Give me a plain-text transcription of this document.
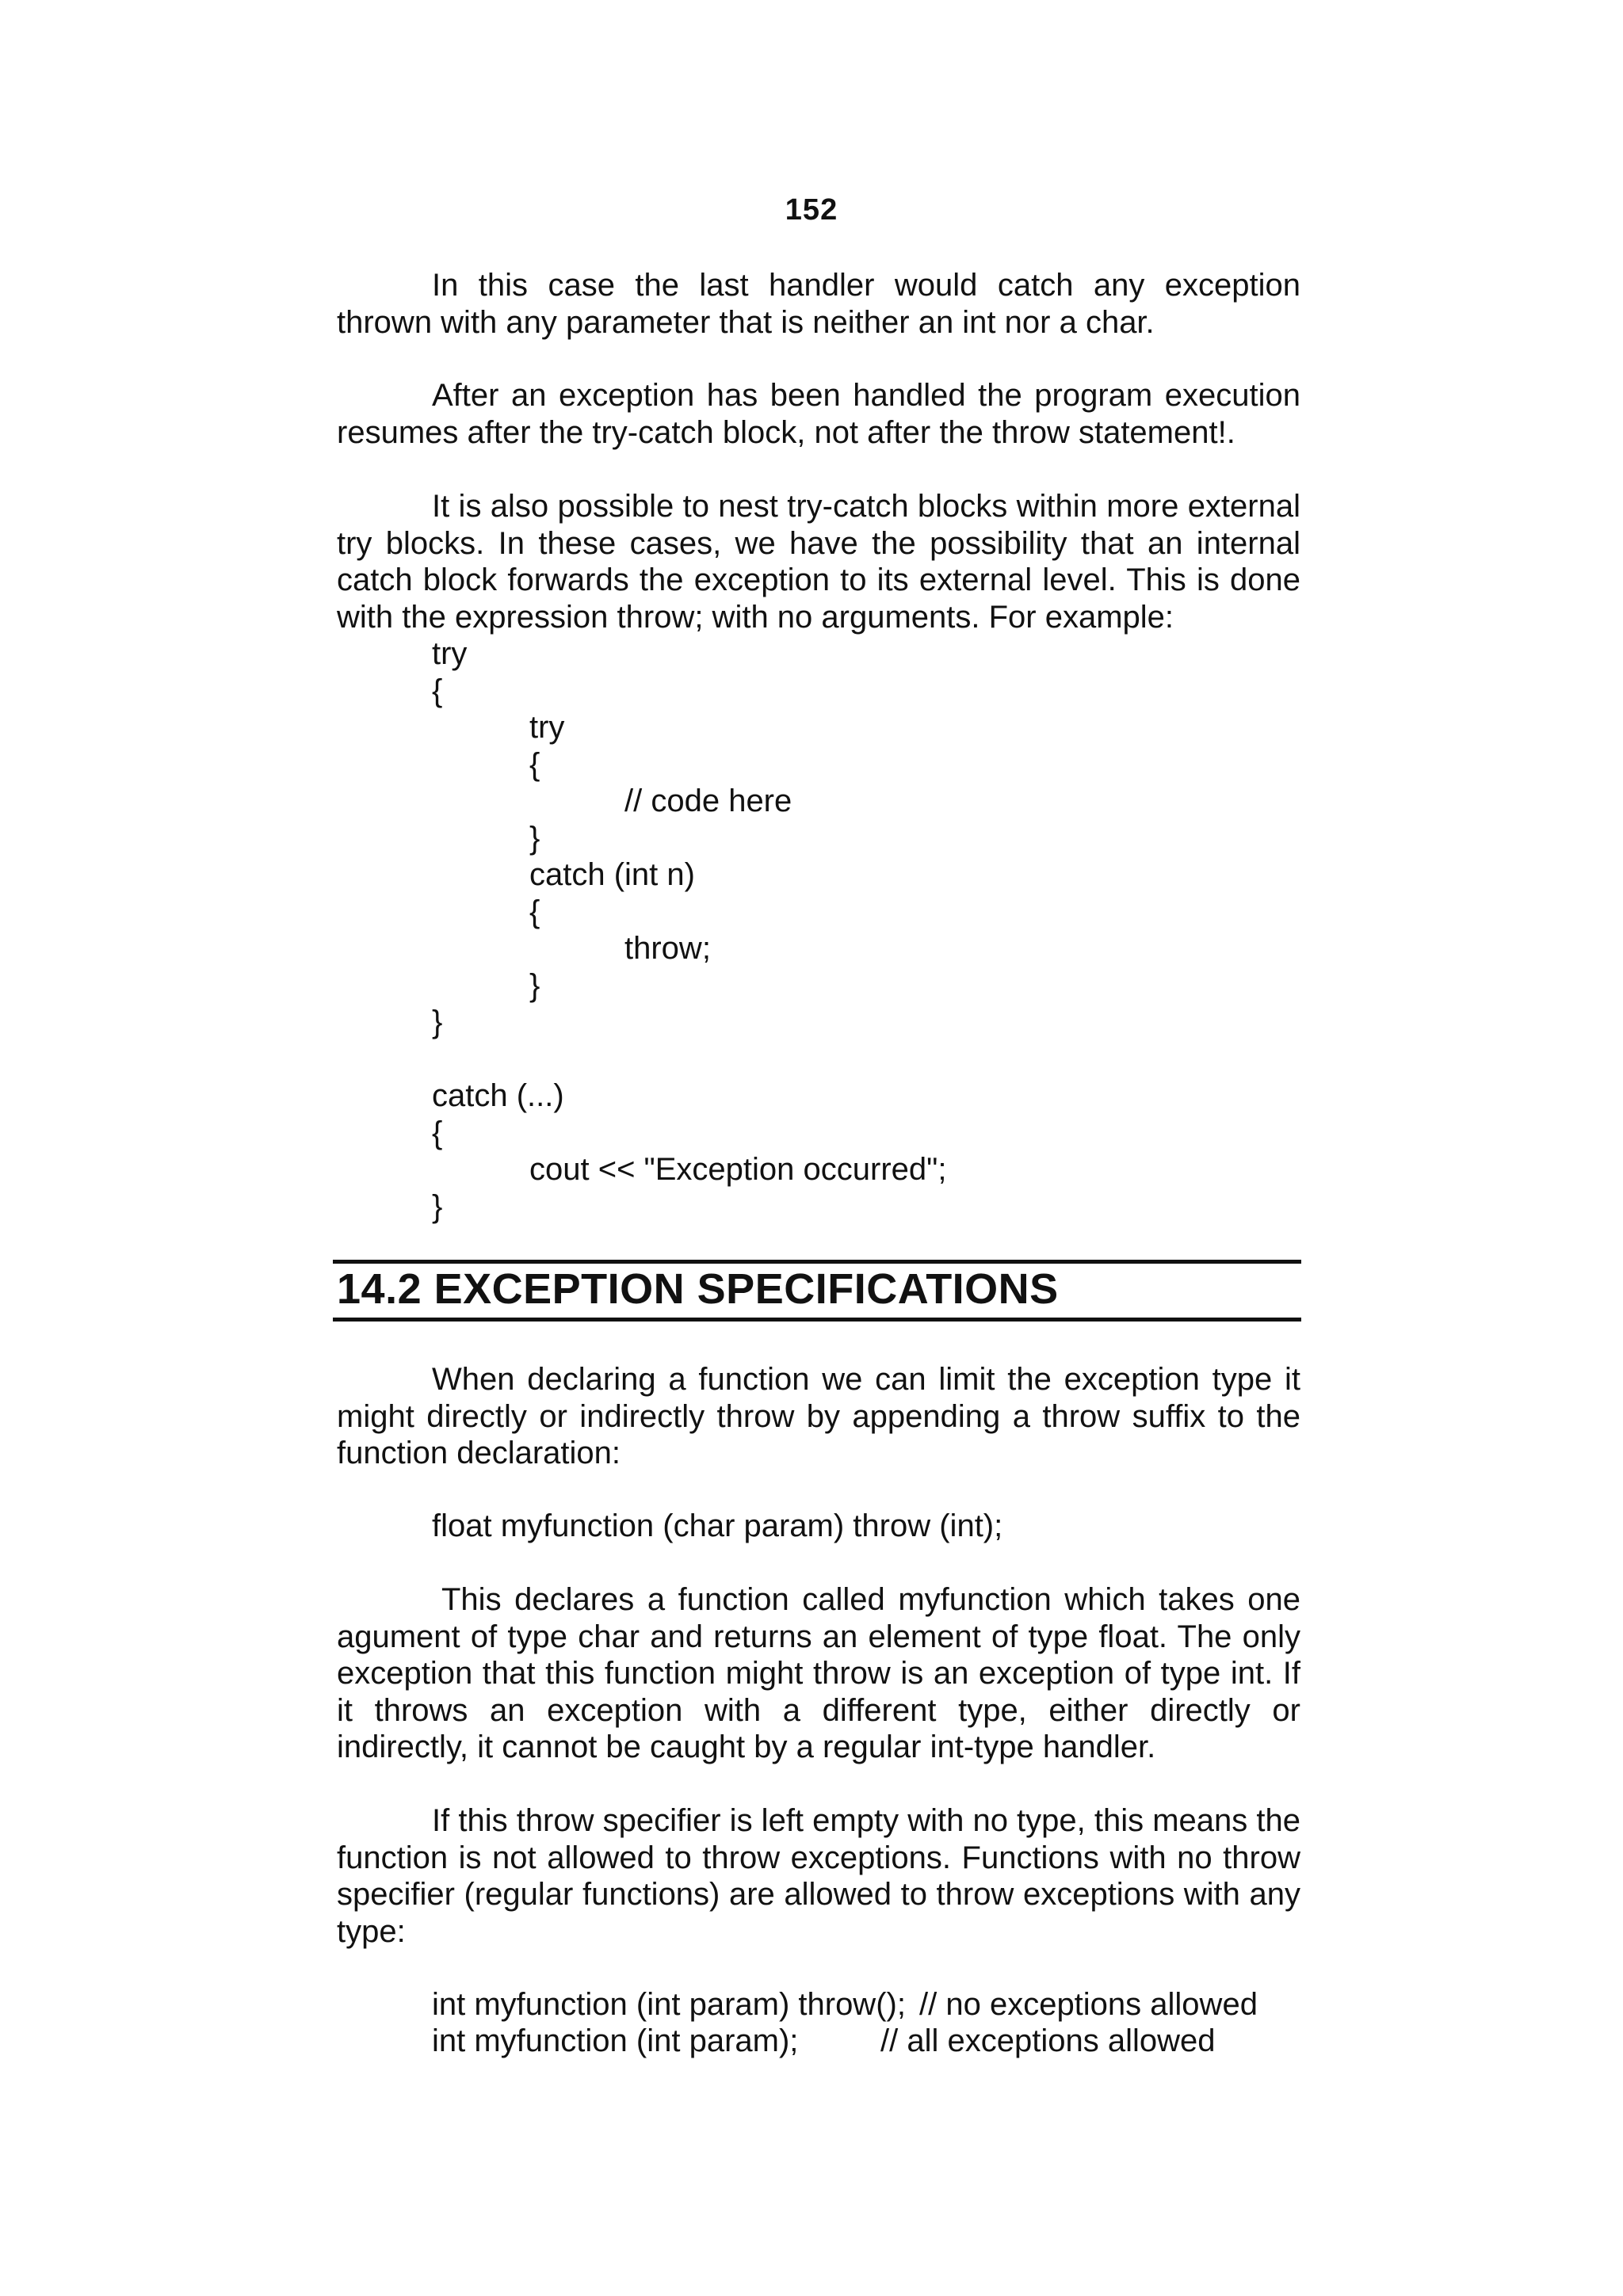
152

In this case the last handler would catch any exception thrown with any parameter that is neither an int nor a char.

After an exception has been handled the program execution resumes after the try-catch block, not after the throw statement!.

It is also possible to nest try-catch blocks within more external try blocks. In these cases, we have the possibility that an internal catch block forwards the exception to its external level. This is done with the expression throw; with no arguments. For example:

try
{
try
{
// code here
}
catch (int n)
{
throw;
}
}
catch (...)
{
cout << "Exception occurred";
}
14.2 EXCEPTION SPECIFICATIONS

When declaring a function we can limit the exception type it might directly or indirectly throw by appending a throw suffix to the function declaration:

float myfunction (char param) throw (int);

This declares a function called myfunction which takes one agument of type char and returns an element of type float. The only exception that this function might throw is an exception of type int. If it throws an exception with a different type, either directly or indirectly, it cannot be caught by a regular int-type handler.

If this throw specifier is left empty with no type, this means the function is not allowed to throw exceptions. Functions with no throw specifier (regular functions) are allowed to throw exceptions with any type:

int myfunction (int param) throw(); // no exceptions allowed
int myfunction (int param);	// all exceptions allowed
